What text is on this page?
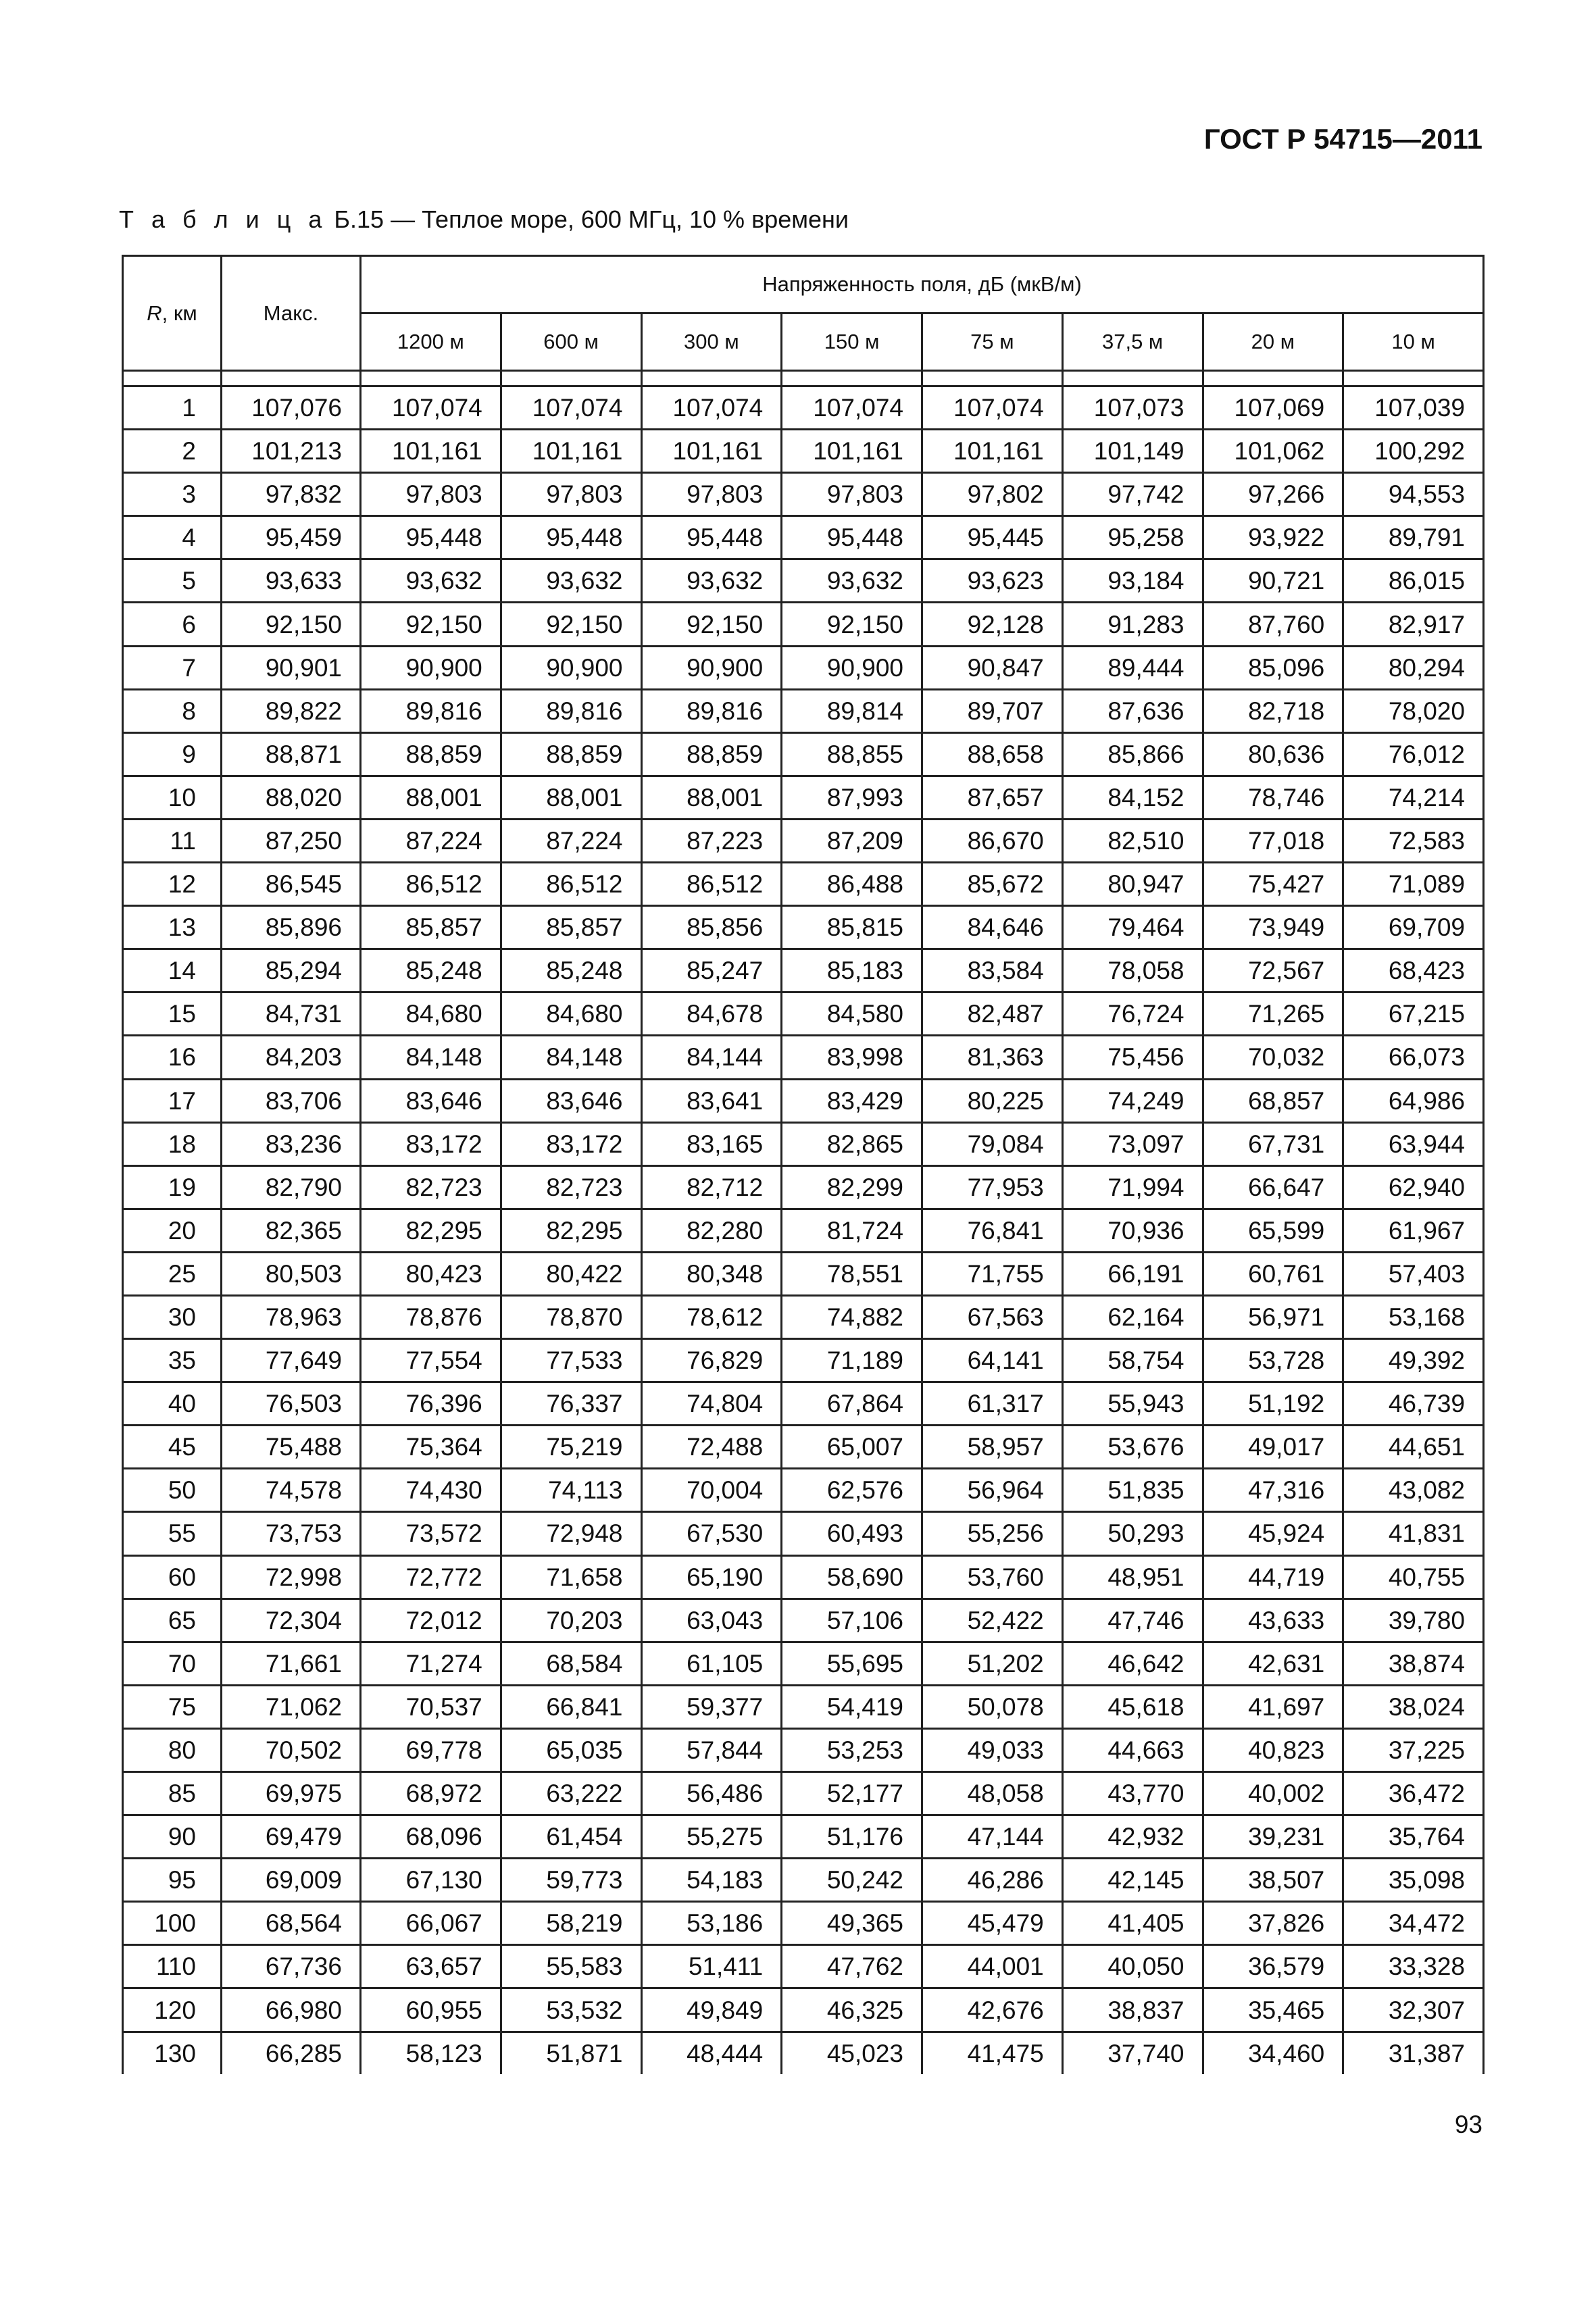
ГОСТ Р 54715—2011
Т а б л и ц а Б.15 — Теплое море, 600 МГц, 10 % времени
R, км	Макс.	Напряженность поля, дБ (мкВ/м)							
		1200 м	600 м	300 м	150 м	75 м	37,5 м	20 м	10 м

1	107,076	107,074	107,074	107,074	107,074	107,074	107,073	107,069	107,039
2	101,213	101,161	101,161	101,161	101,161	101,161	101,149	101,062	100,292
3	97,832	97,803	97,803	97,803	97,803	97,802	97,742	97,266	94,553
4	95,459	95,448	95,448	95,448	95,448	95,445	95,258	93,922	89,791
5	93,633	93,632	93,632	93,632	93,632	93,623	93,184	90,721	86,015
6	92,150	92,150	92,150	92,150	92,150	92,128	91,283	87,760	82,917
7	90,901	90,900	90,900	90,900	90,900	90,847	89,444	85,096	80,294
8	89,822	89,816	89,816	89,816	89,814	89,707	87,636	82,718	78,020
9	88,871	88,859	88,859	88,859	88,855	88,658	85,866	80,636	76,012
10	88,020	88,001	88,001	88,001	87,993	87,657	84,152	78,746	74,214
11	87,250	87,224	87,224	87,223	87,209	86,670	82,510	77,018	72,583
12	86,545	86,512	86,512	86,512	86,488	85,672	80,947	75,427	71,089
13	85,896	85,857	85,857	85,856	85,815	84,646	79,464	73,949	69,709
14	85,294	85,248	85,248	85,247	85,183	83,584	78,058	72,567	68,423
15	84,731	84,680	84,680	84,678	84,580	82,487	76,724	71,265	67,215
16	84,203	84,148	84,148	84,144	83,998	81,363	75,456	70,032	66,073
17	83,706	83,646	83,646	83,641	83,429	80,225	74,249	68,857	64,986
18	83,236	83,172	83,172	83,165	82,865	79,084	73,097	67,731	63,944
19	82,790	82,723	82,723	82,712	82,299	77,953	71,994	66,647	62,940
20	82,365	82,295	82,295	82,280	81,724	76,841	70,936	65,599	61,967
25	80,503	80,423	80,422	80,348	78,551	71,755	66,191	60,761	57,403
30	78,963	78,876	78,870	78,612	74,882	67,563	62,164	56,971	53,168
35	77,649	77,554	77,533	76,829	71,189	64,141	58,754	53,728	49,392
40	76,503	76,396	76,337	74,804	67,864	61,317	55,943	51,192	46,739
45	75,488	75,364	75,219	72,488	65,007	58,957	53,676	49,017	44,651
50	74,578	74,430	74,113	70,004	62,576	56,964	51,835	47,316	43,082
55	73,753	73,572	72,948	67,530	60,493	55,256	50,293	45,924	41,831
60	72,998	72,772	71,658	65,190	58,690	53,760	48,951	44,719	40,755
65	72,304	72,012	70,203	63,043	57,106	52,422	47,746	43,633	39,780
70	71,661	71,274	68,584	61,105	55,695	51,202	46,642	42,631	38,874
75	71,062	70,537	66,841	59,377	54,419	50,078	45,618	41,697	38,024
80	70,502	69,778	65,035	57,844	53,253	49,033	44,663	40,823	37,225
85	69,975	68,972	63,222	56,486	52,177	48,058	43,770	40,002	36,472
90	69,479	68,096	61,454	55,275	51,176	47,144	42,932	39,231	35,764
95	69,009	67,130	59,773	54,183	50,242	46,286	42,145	38,507	35,098
100	68,564	66,067	58,219	53,186	49,365	45,479	41,405	37,826	34,472
110	67,736	63,657	55,583	51,411	47,762	44,001	40,050	36,579	33,328
120	66,980	60,955	53,532	49,849	46,325	42,676	38,837	35,465	32,307
130	66,285	58,123	51,871	48,444	45,023	41,475	37,740	34,460	31,387
93
